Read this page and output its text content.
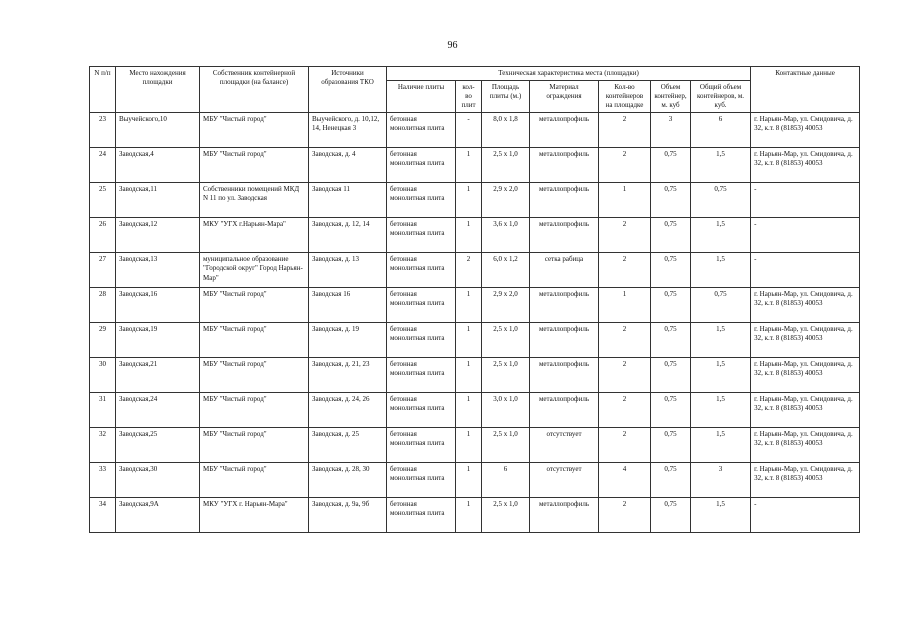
96
N п/п	Место нахождения площадки	Собственник контейнерной площадки (на балансе)	Источники образования ТКО	Техническая характеристика места (площадки)							Контактные данные
				Наличие плиты	кол-во плит	Площадь плиты (м.)	Материал ограждения	Кол-во контейнеров на площадке	Объем контейнер, м. куб	Общий объем контейнеров, м. куб.	
23	Выучейского,10	МБУ "Чистый город"	Выучейского, д. 10,12, 14, Ненецкая 3	бетонная монолитная плита	-	8,0 х 1,8	металлопрофиль	2	3	6	г. Нарьян-Мар, ул. Смидовича, д. 32, к.т. 8 (81853) 40053
24	Заводская,4	МБУ "Чистый город"	Заводская, д. 4	бетонная монолитная плита	1	2,5 х 1,0	металлопрофиль	2	0,75	1,5	г. Нарьян-Мар, ул. Смидовича, д. 32, к.т. 8 (81853) 40053
25	Заводская,11	Собственники помещений МКД N 11 по ул. Заводская	Заводская 11	бетонная монолитная плита	1	2,9 х 2,0	металлопрофиль	1	0,75	0,75	-
26	Заводская,12	МКУ "УГХ г.Нарьян-Мара"	Заводская, д. 12, 14	бетонная монолитная плита	1	3,6 х 1,0	металлопрофиль	2	0,75	1,5	-
27	Заводская,13	муниципальное образование "Городской округ" Город Нарьян-Мар"	Заводская, д. 13	бетонная монолитная плита	2	6,0 х 1,2	сетка рабица	2	0,75	1,5	-
28	Заводская,16	МБУ "Чистый город"	Заводская 16	бетонная монолитная плита	1	2,9 х 2,0	металлопрофиль	1	0,75	0,75	г. Нарьян-Мар, ул. Смидовича, д. 32, к.т. 8 (81853) 40053
29	Заводская,19	МБУ "Чистый город"	Заводская, д. 19	бетонная монолитная плита	1	2,5 х 1,0	металлопрофиль	2	0,75	1,5	г. Нарьян-Мар, ул. Смидовича, д. 32, к.т. 8 (81853) 40053
30	Заводская,21	МБУ "Чистый город"	Заводская, д. 21, 23	бетонная монолитная плита	1	2,5 х 1,0	металлопрофиль	2	0,75	1,5	г. Нарьян-Мар, ул. Смидовича, д. 32, к.т. 8 (81853) 40053
31	Заводская,24	МБУ "Чистый город"	Заводская, д. 24, 26	бетонная монолитная плита	1	3,0 х 1,0	металлопрофиль	2	0,75	1,5	г. Нарьян-Мар, ул. Смидовича, д. 32, к.т. 8 (81853) 40053
32	Заводская,25	МБУ "Чистый город"	Заводская, д. 25	бетонная монолитная плита	1	2,5 х 1,0	отсутствует	2	0,75	1,5	г. Нарьян-Мар, ул. Смидовича, д. 32, к.т. 8 (81853) 40053
33	Заводская,30	МБУ "Чистый город"	Заводская, д. 28, 30	бетонная монолитная плита	1	6	отсутствует	4	0,75	3	г. Нарьян-Мар, ул. Смидовича, д. 32, к.т. 8 (81853) 40053
34	Заводская,9А	МКУ "УГХ г. Нарьян-Мара"	Заводская, д. 9а, 9б	бетонная монолитная плита	1	2,5 х 1,0	металлопрофиль	2	0,75	1,5	-
